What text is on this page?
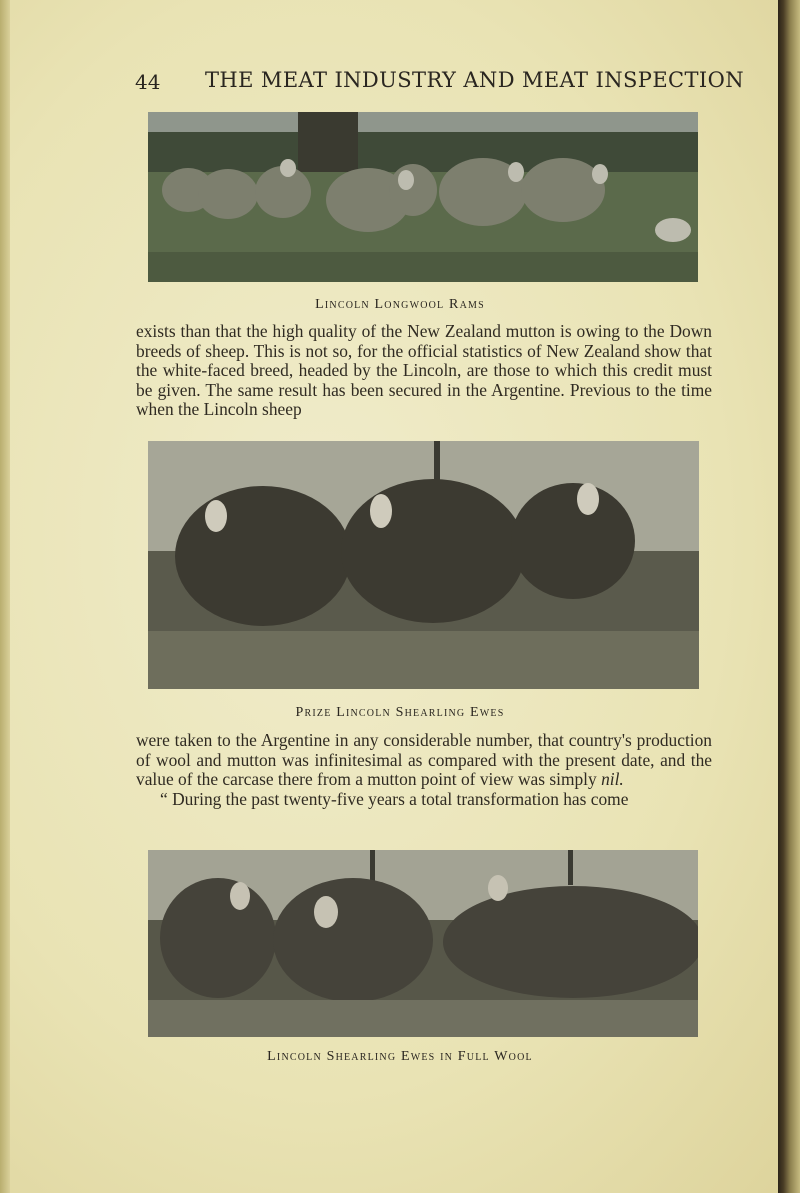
44 THE MEAT INDUSTRY AND MEAT INSPECTION
Lincoln Longwool Rams

exists than that the high quality of the New Zealand mutton is owing to the Down breeds of sheep. This is not so, for the official statistics of New Zealand show that the white-faced breed, headed by the Lincoln, are those to which this credit must be given. The same result has been secured in the Argentine. Previous to the time when the Lincoln sheep

Prize Lincoln Shearling Ewes

were taken to the Argentine in any considerable number, that country's production of wool and mutton was infinitesimal as compared with the present date, and the value of the carcase there from a mutton point of view was simply nil.
“ During the past twenty-five years a total transformation has come

Lincoln Shearling Ewes in Full Wool
